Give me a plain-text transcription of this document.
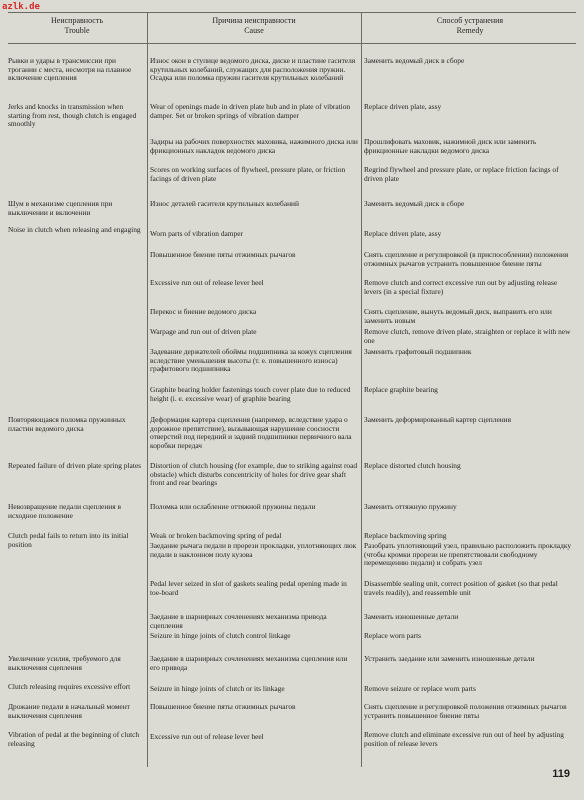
azlk.de
Неисправность
Trouble
Причина неисправности
Cause
Способ устранения
Remedy
Рывки и удары в трансмиссии при трогании с места, несмотря на плавное включение сцепления
Jerks and knocks in transmission when starting from rest, though clutch is engaged smoothly
Шум в механизме сцепления при выключении и включении
Noise in clutch when releasing and engaging
Повторяющаяся поломка пружинных пластин ведомого диска
Repeated failure of driven plate spring plates
Невозвращение педали сцепления в исходное положение
Clutch pedal fails to return into its initial position
Увеличение усилия, требуемого для выключения сцепления
Clutch releasing requires excessive effort
Дрожание педали в начальный момент выключения сцепления
Vibration of pedal at the beginning of clutch releasing
Износ окон в ступице ведомого диска, диске и пластине гасителя крутильных колебаний, служащих для расположения пружин. Осадка или поломка пружин гасителя крутильных колебаний
Wear of openings made in driven plate hub and in plate of vibration damper. Set or broken springs of vibration damper
Задиры на рабочих поверхностях маховика, нажимного диска или фрикционных накладок ведомого диска
Scores on working surfaces of flywheel, pressure plate, or friction facings of driven plate
Износ деталей гасителя крутильных колебаний
Worn parts of vibration damper
Повышенное биение пяты отжимных рычагов
Excessive run out of release lever heel
Перекос и биение ведомого диска
Warpage and run out of driven plate
Задевание держателей обоймы подшипника за кожух сцепления вследствие уменьшения высоты (т. е. повышенного износа) графитового подшипника
Graphite bearing holder fastenings touch cover plate due to reduced height (i. e. excessive wear) of graphite bearing
Деформация картера сцепления (например, вследствие удара о дорожное препятствие), вызывающая нарушение соосности отверстий под передний и задний подшипники первичного вала коробки передач
Distortion of clutch housing (for example, due to striking against road obstacle) which disturbs concentricity of holes for drive gear shaft front and rear bearings
Поломка или ослабление оттяжной пружины педали
Weak or broken backmoving spring of pedal
Заедание рычага педали в прорези прокладки, уплотняющих люк педали в наклонном полу кузова
Pedal lever seized in slot of gaskets sealing pedal opening made in toe-board
Заедание в шарнирных сочленениях механизма привода сцепления
Seizure in hinge joints of clutch control linkage
Заедание в шарнирных сочленениях механизма сцепления или его привода
Seizure in hinge joints of clutch or its linkage
Повышенное биение пяты отжимных рычагов
Excessive run out of release lever heel
Заменить ведомый диск в сборе
Replace driven plate, assy
Прошлифовать маховик, нажимной диск или заменить фрикционные накладки ведомого диска
Regrind flywheel and pressure plate, or replace friction facings of driven plate
Заменить ведомый диск в сборе
Replace driven plate, assy
Снять сцепление и регулировкой (в приспособлении) положения отжимных рычагов устранить повышенное биение пяты
Remove clutch and correct excessive run out by adjusting release levers (in a special fixture)
Снять сцепление, вынуть ведомый диск, выправить его или заменить новым
Remove clutch, remove driven plate, straighten or replace it with new one
Заменить графитовый подшипник
Replace graphite bearing
Заменить деформированный картер сцепления
Replace distorted clutch housing
Заменить оттяжную пружину
Replace backmoving spring
Разобрать уплотняющий узел, правильно расположить прокладку (чтобы кромки прорези не препятствовали свободному перемещению педали) и собрать узел
Disassemble sealing unit, correct position of gasket (so that pedal travels readily), and reassemble unit
Заменить изношенные детали
Replace worn parts
Устранить заедание или заменить изношенные детали
Remove seizure or replace worn parts
Снять сцепление и регулировкой положения отжимных рычагов устранить повышенное биение пяты
Remove clutch and eliminate excessive run out of heel by adjusting position of release levers
119
